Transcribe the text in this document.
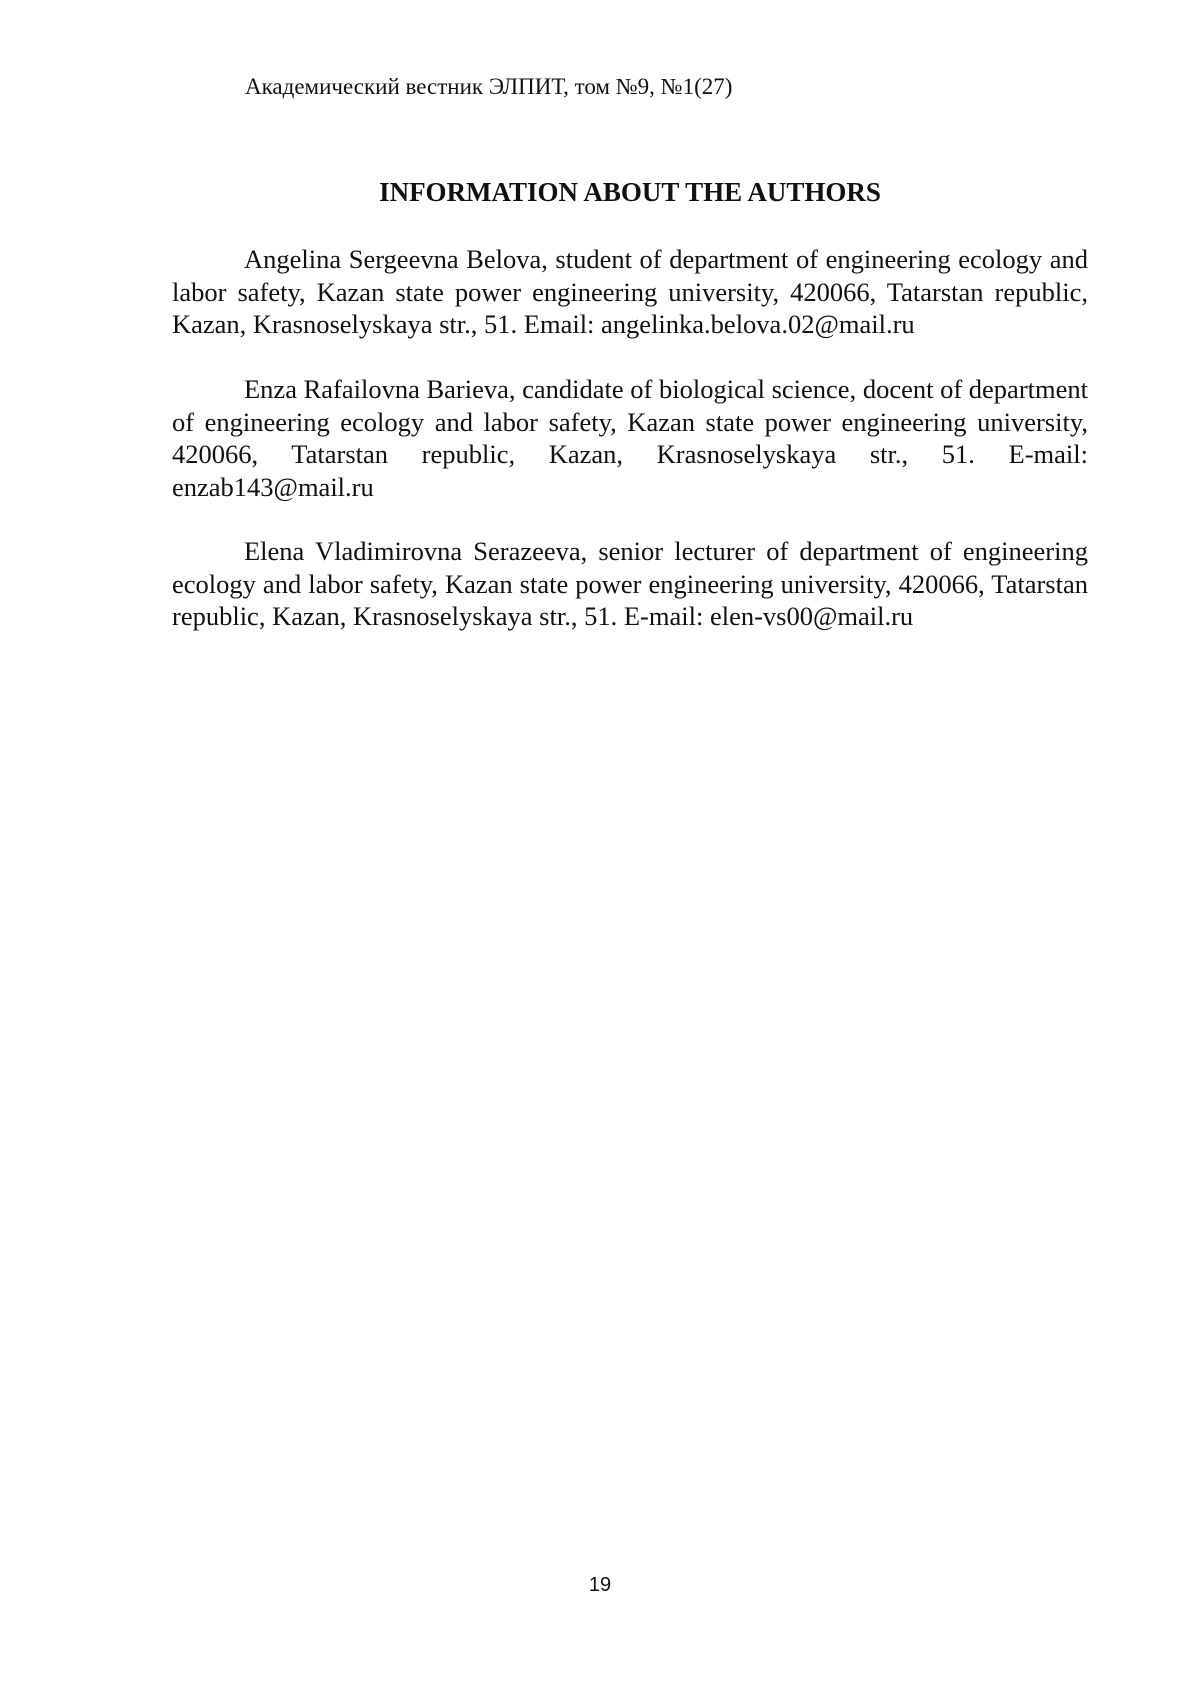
Академический вестник ЭЛПИТ, том №9, №1(27)
INFORMATION ABOUT THE AUTHORS

Angelina Sergeevna Belova, student of department of engineering ecology and labor safety, Kazan state power engineering university, 420066, Tatarstan republic, Kazan, Krasnoselyskaya str., 51. Email: angelinka.belova.02@mail.ru

Enza Rafailovna Barieva, candidate of biological science, docent of department of engineering ecology and labor safety, Kazan state power engineering university, 420066, Tatarstan republic, Kazan, Krasnoselyskaya str., 51. E-mail: enzab143@mail.ru

Elena Vladimirovna Serazeeva, senior lecturer of department of engineering ecology and labor safety, Kazan state power engineering university, 420066, Tatarstan republic, Kazan, Krasnoselyskaya str., 51. E-mail: elen-vs00@mail.ru

19
